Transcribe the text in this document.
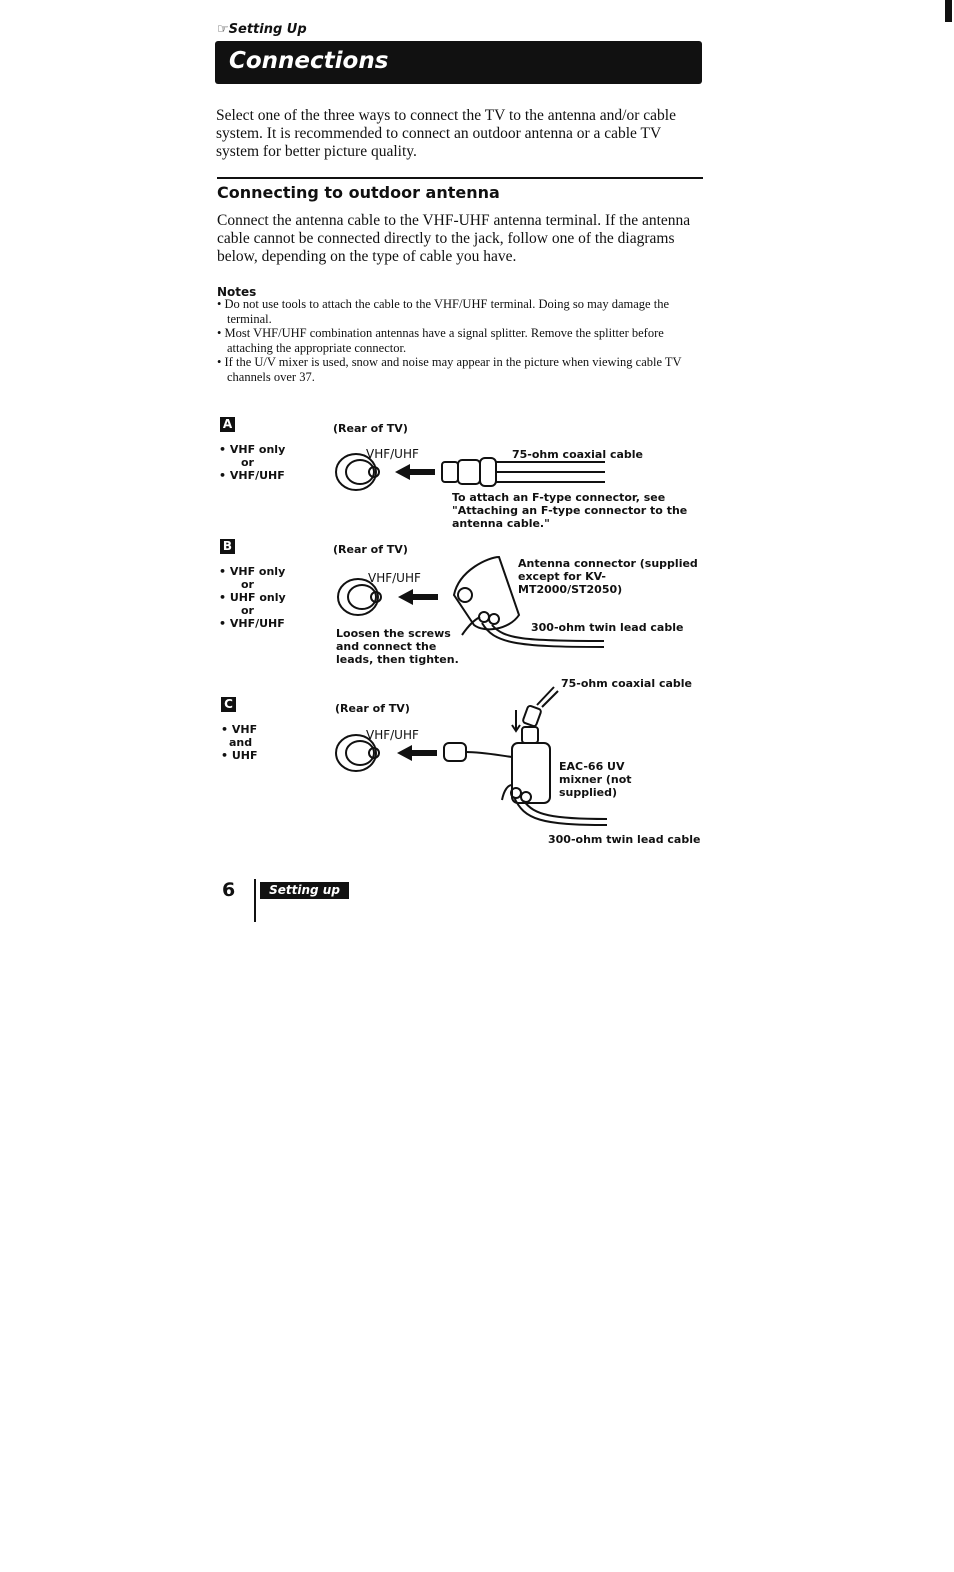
☞Setting Up
Connections
Select one of the three ways to connect the TV to the antenna and/or cable system. It is recommended to connect an outdoor antenna or a cable TV system for better picture quality.
Connecting to outdoor antenna
Connect the antenna cable to the VHF-UHF antenna terminal. If the antenna cable cannot be connected directly to the jack, follow one of the diagrams below, depending on the type of cable you have.
Notes
• Do not use tools to attach the cable to the VHF/UHF terminal. Doing so may damage the terminal.
• Most VHF/UHF combination antennas have a signal splitter. Remove the splitter before attaching the appropriate connector.
• If the U/V mixer is used, snow and noise may appear in the picture when viewing cable TV channels over 37.
A
• VHF only
or
• VHF/UHF
(Rear of TV)
VHF/UHF	75-ohm coaxial cable
To attach an F-type connector, see "Attaching an F-type connector to the antenna cable."
B
• VHF only
or
• UHF only
or
• VHF/UHF
(Rear of TV)
VHF/UHF
Antenna connector (supplied except for KV-MT2000/ST2050)
300-ohm twin lead cable
Loosen the screws and connect the leads, then tighten.
C
• VHF
and
• UHF
(Rear of TV)
VHF/UHF
75-ohm coaxial cable
EAC-66 UV mixner (not supplied)
300-ohm twin lead cable
6	Setting up
